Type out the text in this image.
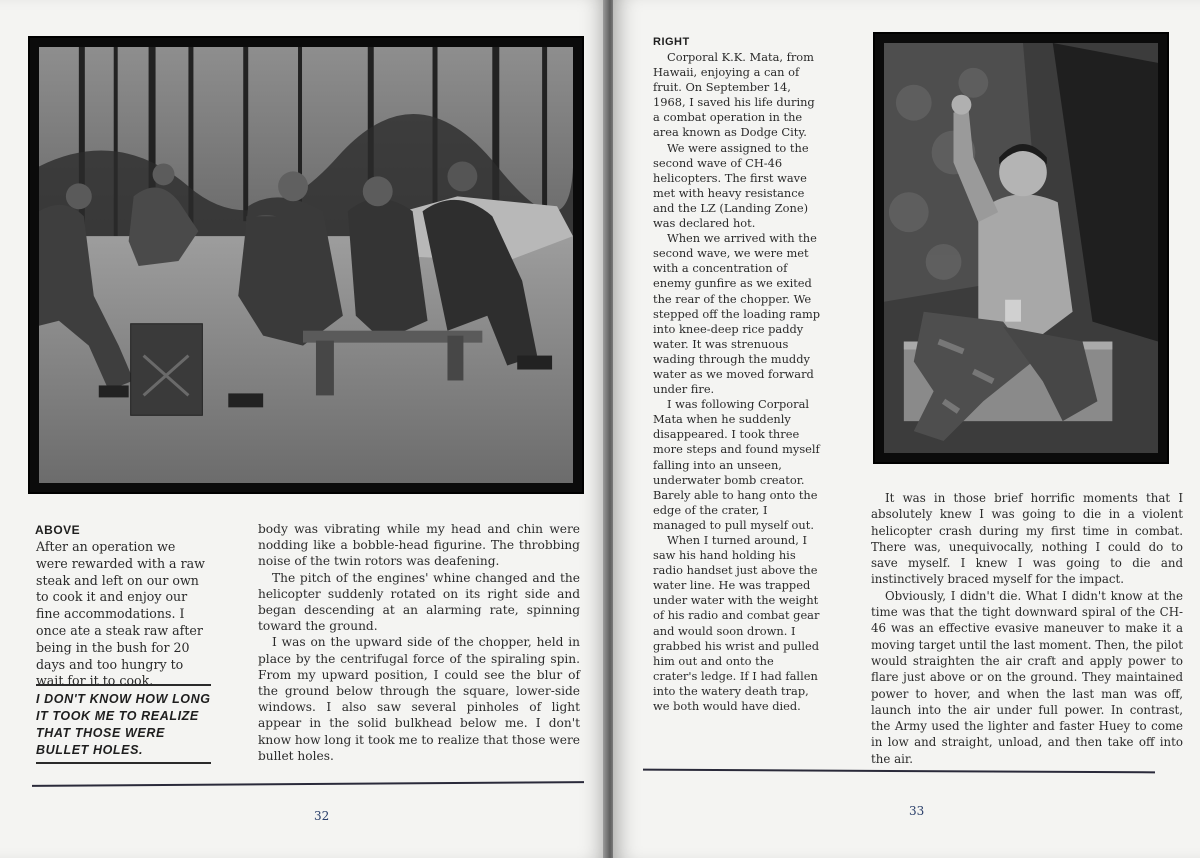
ABOVE

After an operation we were rewarded with a raw steak and left on our own to cook it and enjoy our fine accommodations. I once ate a steak raw after being in the bush for 20 days and too hungry to wait for it to cook.

I DON'T KNOW HOW LONG IT TOOK ME TO REALIZE THAT THOSE WERE BULLET HOLES.

body was vibrating while my head and chin were nodding like a bobble-head figurine. The throbbing noise of the twin rotors was deafening.

The pitch of the engines' whine changed and the helicopter suddenly rotated on its right side and began descending at an alarming rate, spinning toward the ground.

I was on the upward side of the chopper, held in place by the centrifugal force of the spiraling spin. From my upward position, I could see the blur of the ground below through the square, lower-side windows. I also saw several pinholes of light appear in the solid bulkhead below me. I don't know how long it took me to realize that those were bullet holes.

32
RIGHT

Corporal K.K. Mata, from Hawaii, enjoying a can of fruit. On September 14, 1968, I saved his life during a combat operation in the area known as Dodge City.

We were assigned to the second wave of CH-46 helicopters. The first wave met with heavy resistance and the LZ (Landing Zone) was declared hot.

When we arrived with the second wave, we were met with a concentration of enemy gunfire as we exited the rear of the chopper. We stepped off the loading ramp into knee-deep rice paddy water. It was strenuous wading through the muddy water as we moved forward under fire.

I was following Corporal Mata when he suddenly disappeared. I took three more steps and found myself falling into an unseen, underwater bomb creator. Barely able to hang onto the edge of the crater, I managed to pull myself out.

When I turned around, I saw his hand holding his radio handset just above the water line. He was trapped under water with the weight of his radio and combat gear and would soon drown. I grabbed his wrist and pulled him out and onto the crater's ledge. If I had fallen into the watery death trap, we both would have died.

It was in those brief horrific moments that I absolutely knew I was going to die in a violent helicopter crash during my first time in combat. There was, unequivocally, nothing I could do to save myself. I knew I was going to die and instinctively braced myself for the impact.

Obviously, I didn't die. What I didn't know at the time was that the tight downward spiral of the CH-46 was an effective evasive maneuver to make it a moving target until the last moment. Then, the pilot would straighten the air craft and apply power to flare just above or on the ground. They maintained power to hover, and when the last man was off, launch into the air under full power. In contrast, the Army used the lighter and faster Huey to come in low and straight, unload, and then take off into the air.

33
